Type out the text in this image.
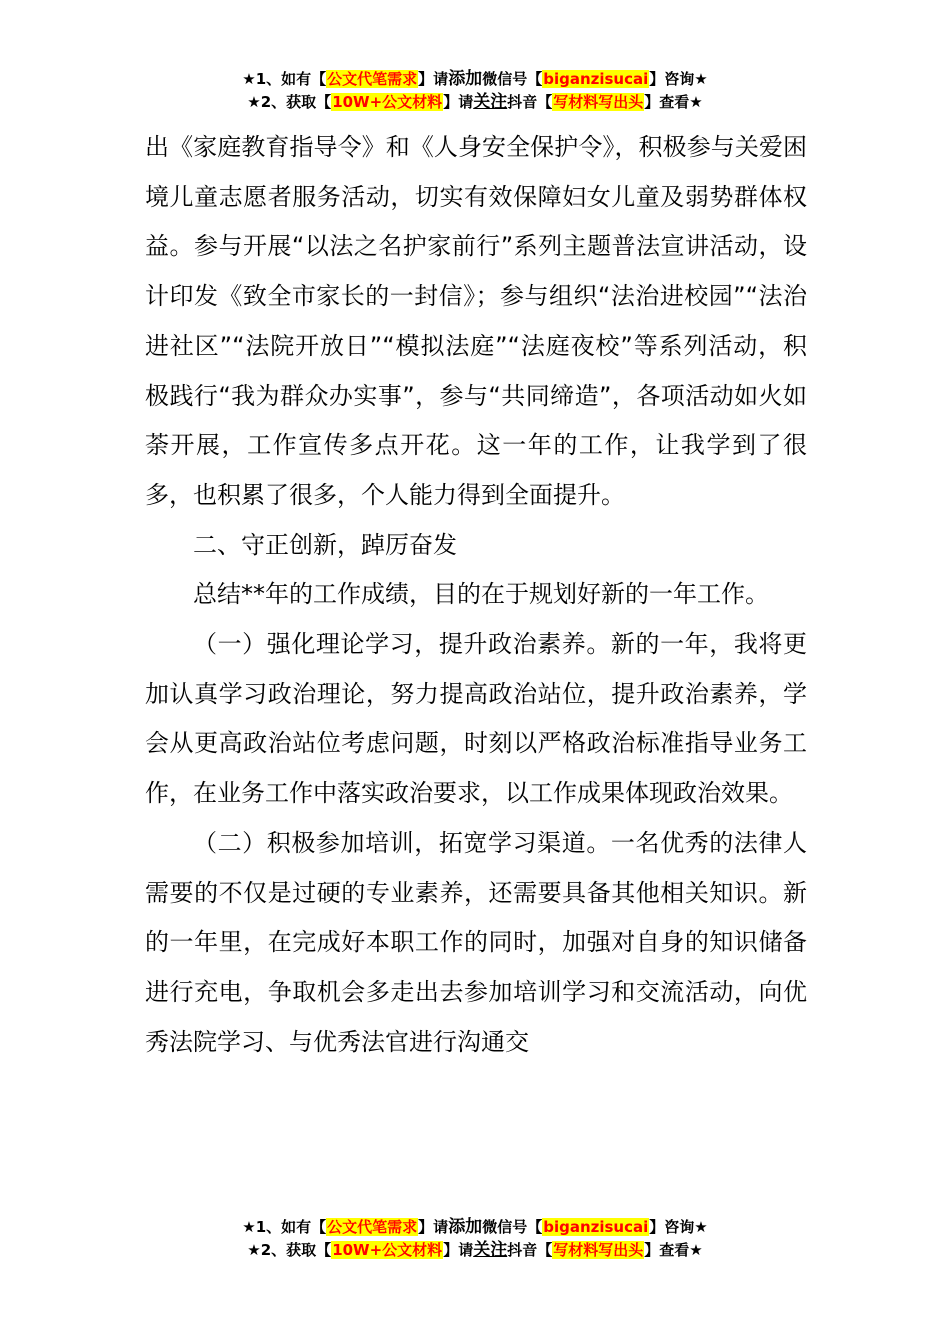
★1、如有【公文代笔需求】请添加微信号【biganzisucai】咨询★
★2、获取【10W+公文材料】请关注抖音【写材料写出头】查看★

出《家庭教育指导令》和《人身安全保护令》，积极参与关爱困境儿童志愿者服务活动，切实有效保障妇女儿童及弱势群体权益。参与开展“以法之名护家前行”系列主题普法宣讲活动，设计印发《致全市家长的一封信》；参与组织“法治进校园”“法治进社区”“法院开放日”“模拟法庭”“法庭夜校”等系列活动，积极践行“我为群众办实事”，参与“共同缔造”，各项活动如火如荼开展，工作宣传多点开花。这一年的工作，让我学到了很多，也积累了很多，个人能力得到全面提升。

二、守正创新，踔厉奋发

总结**年的工作成绩，目的在于规划好新的一年工作。

（一）强化理论学习，提升政治素养。新的一年，我将更加认真学习政治理论，努力提高政治站位，提升政治素养，学会从更高政治站位考虑问题，时刻以严格政治标准指导业务工作，在业务工作中落实政治要求，以工作成果体现政治效果。

（二）积极参加培训，拓宽学习渠道。一名优秀的法律人需要的不仅是过硬的专业素养，还需要具备其他相关知识。新的一年里，在完成好本职工作的同时，加强对自身的知识储备进行充电，争取机会多走出去参加培训学习和交流活动，向优秀法院学习、与优秀法官进行沟通交

★1、如有【公文代笔需求】请添加微信号【biganzisucai】咨询★
★2、获取【10W+公文材料】请关注抖音【写材料写出头】查看★
